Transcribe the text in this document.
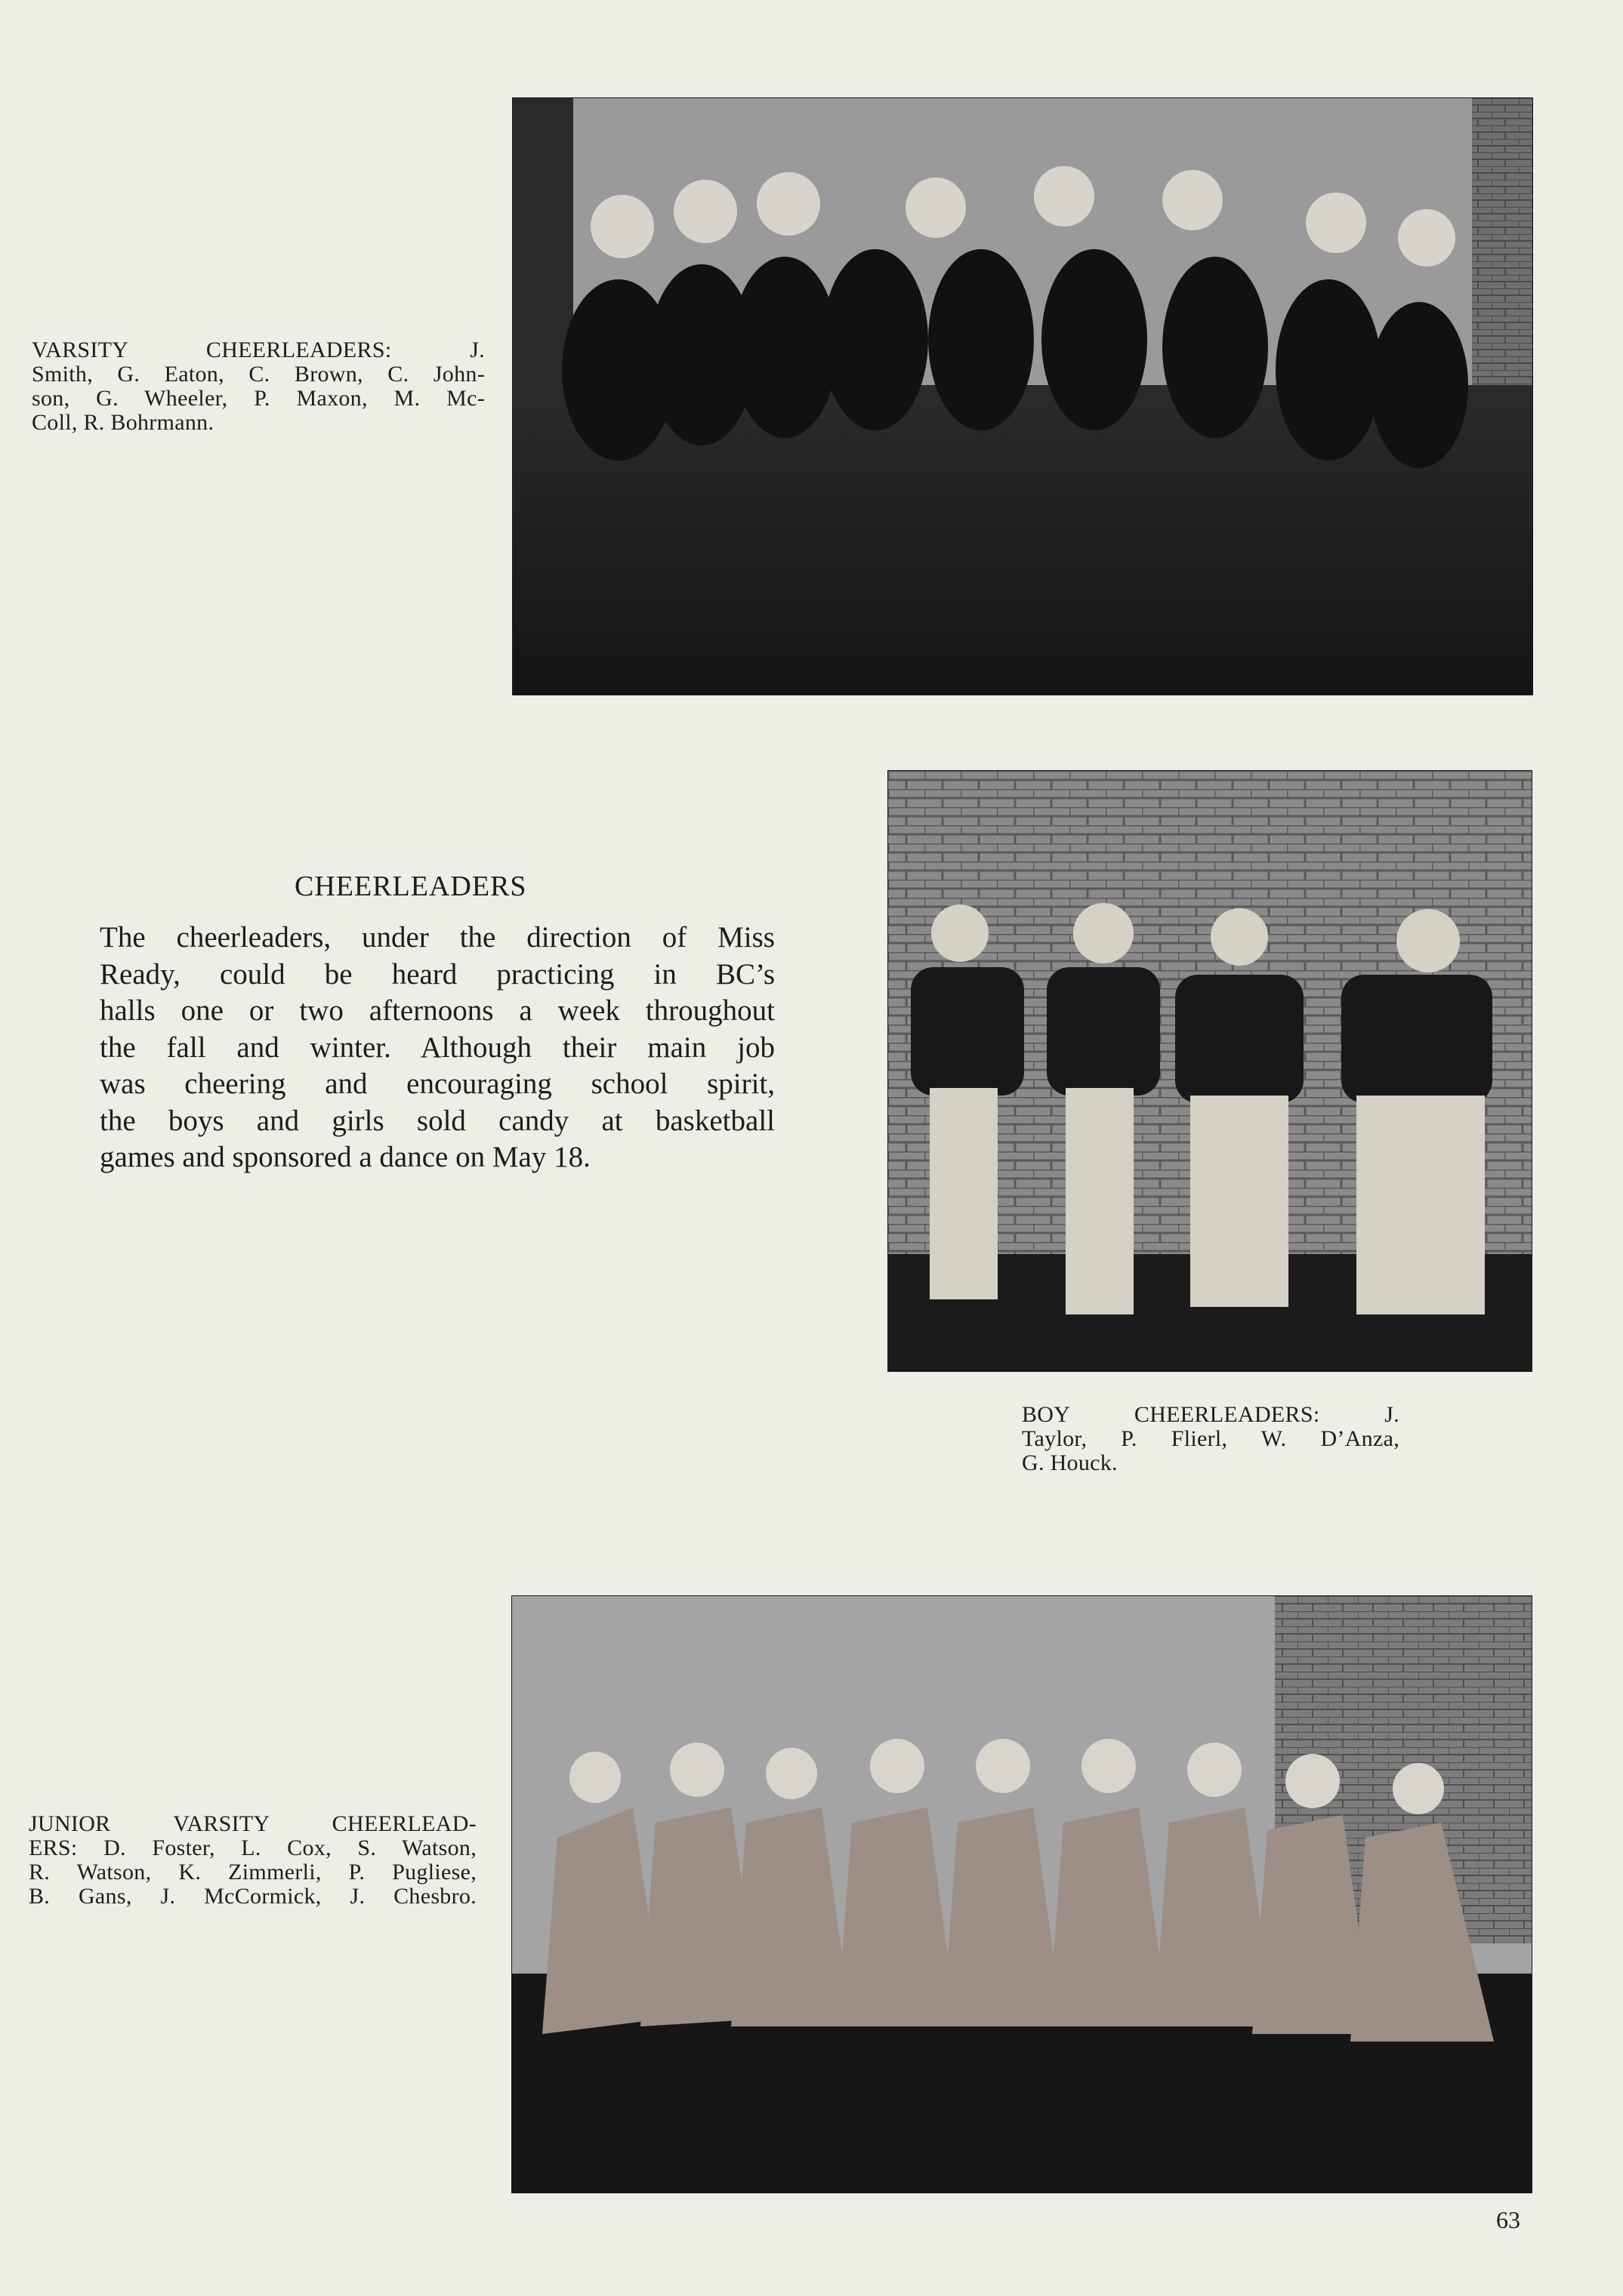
VARSITY CHEERLEADERS: J.
Smith, G. Eaton, C. Brown, C. John-
son, G. Wheeler, P. Maxon, M. Mc-
Coll, R. Bohrmann.
CHEERLEADERS
The cheerleaders, under the direction of Miss
Ready, could be heard practicing in BC’s
halls one or two afternoons a week throughout
the fall and winter. Although their main job
was cheering and encouraging school spirit,
the boys and girls sold candy at basketball
games and sponsored a dance on May 18.
BOY CHEERLEADERS: J.
Taylor, P. Flierl, W. D’Anza,
G. Houck.
JUNIOR VARSITY CHEERLEAD-
ERS: D. Foster, L. Cox, S. Watson,
R. Watson, K. Zimmerli, P. Pugliese,
B. Gans, J. McCormick, J. Chesbro.
63
